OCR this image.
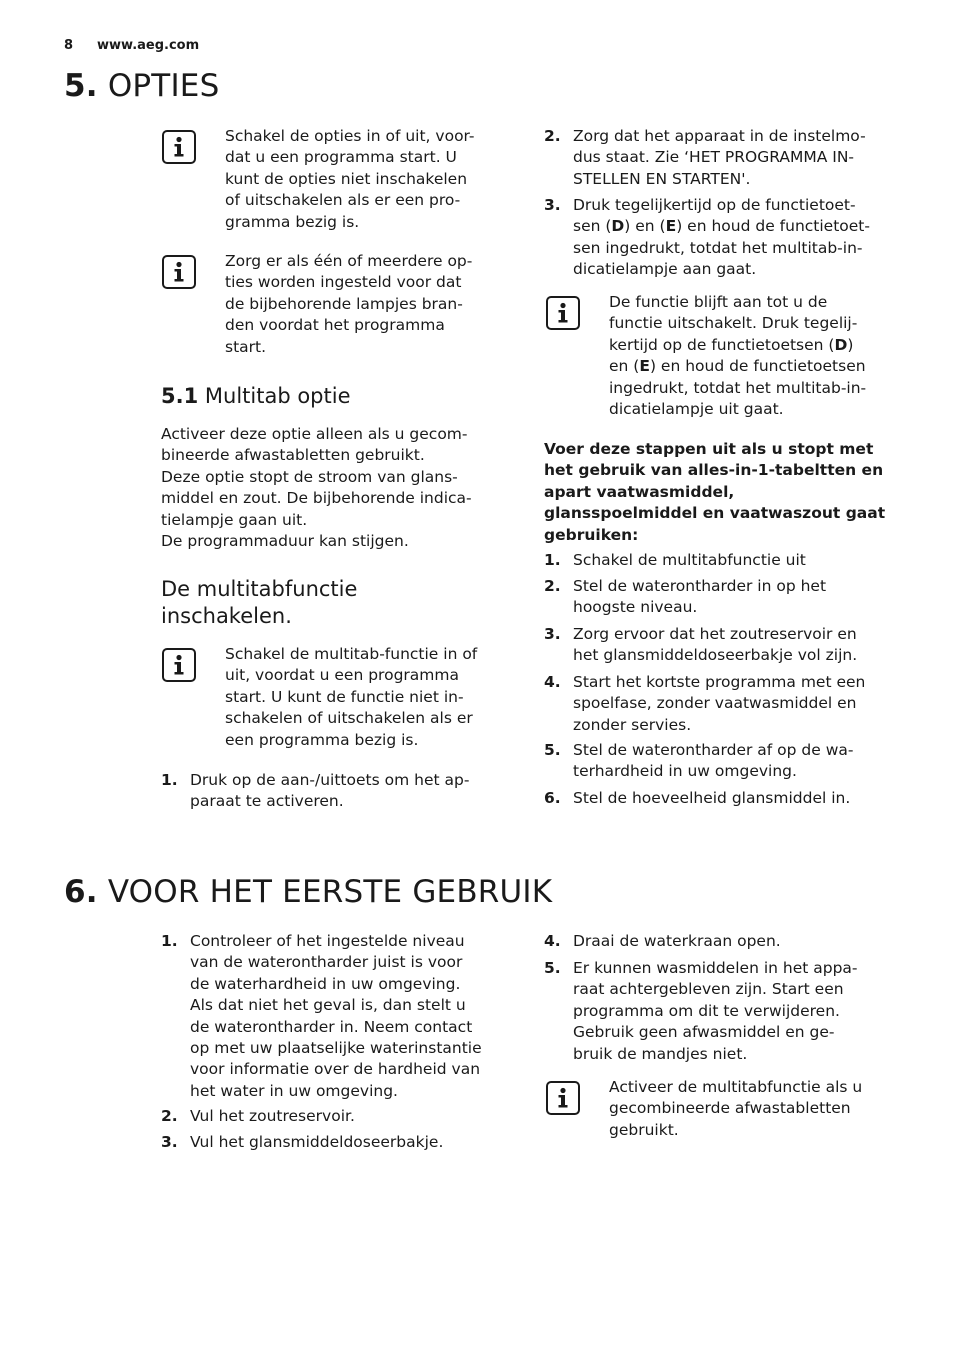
8 www.aeg.com
5. OPTIES
Schakel de opties in of uit, voor-
dat u een programma start. U
kunt de opties niet inschakelen
of uitschakelen als er een pro-
gramma bezig is.
Zorg er als één of meerdere op-
ties worden ingesteld voor dat
de bijbehorende lampjes bran-
den voordat het programma
start.
5.1 Multitab optie
Activeer deze optie alleen als u gecom-
bineerde afwastabletten gebruikt.
Deze optie stopt de stroom van glans-
middel en zout. De bijbehorende indica-
tielampje gaan uit.
De programmaduur kan stijgen.
De multitabfunctie
inschakelen.
Schakel de multitab-functie in of
uit, voordat u een programma
start. U kunt de functie niet in-
schakelen of uitschakelen als er
een programma bezig is.
1. Druk op de aan-/uittoets om het ap-
paraat te activeren.
2. Zorg dat het apparaat in de instelmo-
dus staat. Zie ‘HET PROGRAMMA IN-
STELLEN EN STARTEN'.
3. Druk tegelijkertijd op de functietoet-
sen (D) en (E) en houd de functietoet-
sen ingedrukt, totdat het multitab-in-
dicatielampje aan gaat.
De functie blijft aan tot u de
functie uitschakelt. Druk tegelij-
kertijd op de functietoetsen (D)
en (E) en houd de functietoetsen
ingedrukt, totdat het multitab-in-
dicatielampje uit gaat.
Voer deze stappen uit als u stopt met
het gebruik van alles-in-1-tabeltten en
apart vaatwasmiddel,
glansspoelmiddel en vaatwaszout gaat
gebruiken:
1. Schakel de multitabfunctie uit
2. Stel de waterontharder in op het
hoogste niveau.
3. Zorg ervoor dat het zoutreservoir en
het glansmiddeldoseerbakje vol zijn.
4. Start het kortste programma met een
spoelfase, zonder vaatwasmiddel en
zonder servies.
5. Stel de waterontharder af op de wa-
terhardheid in uw omgeving.
6. Stel de hoeveelheid glansmiddel in.
6. VOOR HET EERSTE GEBRUIK
1. Controleer of het ingestelde niveau
van de waterontharder juist is voor
de waterhardheid in uw omgeving.
Als dat niet het geval is, dan stelt u
de waterontharder in. Neem contact
op met uw plaatselijke waterinstantie
voor informatie over de hardheid van
het water in uw omgeving.
2. Vul het zoutreservoir.
3. Vul het glansmiddeldoseerbakje.
4. Draai de waterkraan open.
5. Er kunnen wasmiddelen in het appa-
raat achtergebleven zijn. Start een
programma om dit te verwijderen.
Gebruik geen afwasmiddel en ge-
bruik de mandjes niet.
Activeer de multitabfunctie als u
gecombineerde afwastabletten
gebruikt.
